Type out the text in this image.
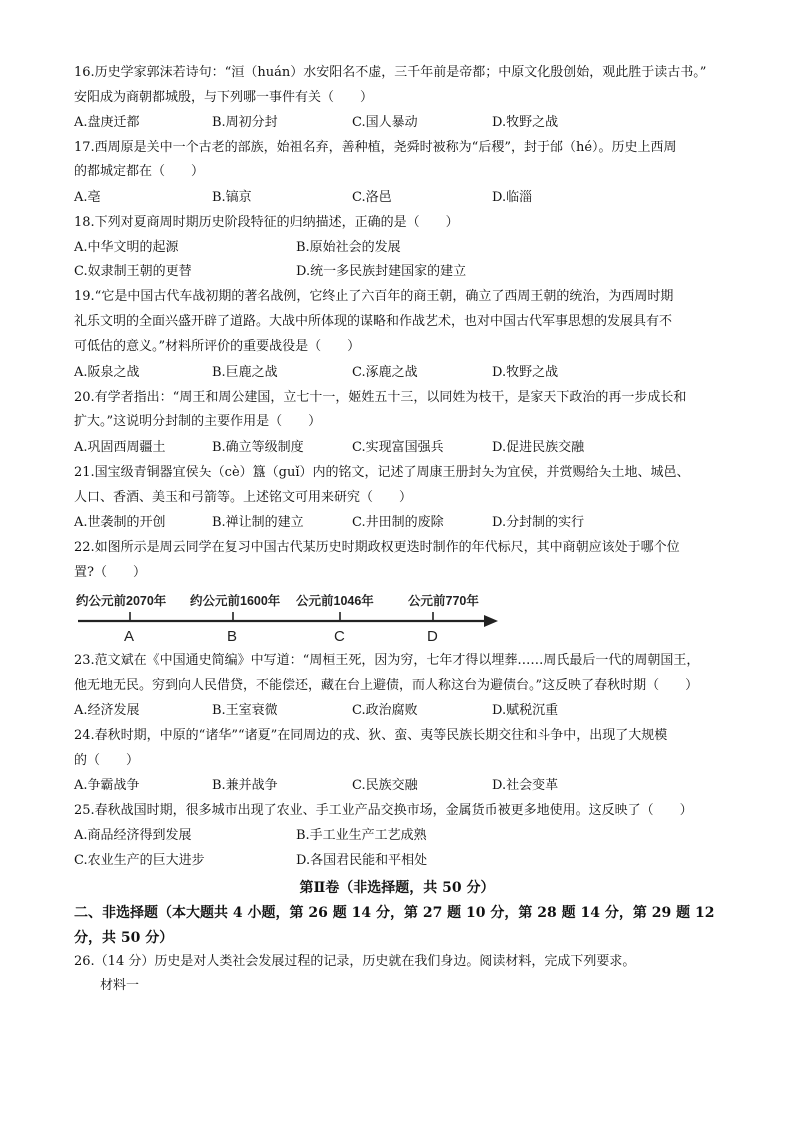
16.历史学家郭沫若诗句：“洹（huán）水安阳名不虚，三千年前是帝都；中原文化殷创始，观此胜于读古书。”
安阳成为商朝都城殷，与下列哪一事件有关（　　）
A.盘庚迁都	B.周初分封	C.国人暴动	D.牧野之战
17.西周原是关中一个古老的部族，始祖名弃，善种植，尧舜时被称为“后稷”，封于邰（hé）。历史上西周
的都城定都在（　　）
A.亳	B.镐京	C.洛邑	D.临淄
18.下列对夏商周时期历史阶段特征的归纳描述，正确的是（　　）
A.中华文明的起源	B.原始社会的发展
C.奴隶制王朝的更替	D.统一多民族封建国家的建立
19.“它是中国古代车战初期的著名战例，它终止了六百年的商王朝，确立了西周王朝的统治，为西周时期
礼乐文明的全面兴盛开辟了道路。大战中所体现的谋略和作战艺术，也对中国古代军事思想的发展具有不
可低估的意义。”材料所评价的重要战役是（　　）
A.阪泉之战	B.巨鹿之战	C.涿鹿之战	D.牧野之战
20.有学者指出：“周王和周公建国，立七十一，姬姓五十三，以同姓为枝干，是家天下政治的再一步成长和
扩大。”这说明分封制的主要作用是（　　）
A.巩固西周疆土	B.确立等级制度	C.实现富国强兵	D.促进民族交融
21.国宝级青铜器宜侯夨（cè）簋（guǐ）内的铭文，记述了周康王册封夨为宜侯，并赏赐给夨土地、城邑、
人口、香酒、美玉和弓箭等。上述铭文可用来研究（　　）
A.世袭制的开创	B.禅让制的建立	C.井田制的废除	D.分封制的实行
22.如图所示是周云同学在复习中国古代某历史时期政权更迭时制作的年代标尺，其中商朝应该处于哪个位
置?（　　）
约公元前2070年 约公元前1600年 公元前1046年	公元前770年
A	B	C	D
23.范文斌在《中国通史简编》中写道：“周桓王死，因为穷，七年才得以埋葬……周氏最后一代的周朝国王，
他无地无民。穷到向人民借贷，不能偿还，藏在台上避债，而人称这台为避债台。”这反映了春秋时期（　　）
A.经济发展	B.王室衰微	C.政治腐败	D.赋税沉重
24.春秋时期，中原的“诸华”“诸夏”在同周边的戎、狄、蛮、夷等民族长期交往和斗争中，出现了大规模
的（　　）
A.争霸战争	B.兼并战争	C.民族交融	D.社会变革
25.春秋战国时期，很多城市出现了农业、手工业产品交换市场，金属货币被更多地使用。这反映了（　　）
A.商品经济得到发展	B.手工业生产工艺成熟
C.农业生产的巨大进步	D.各国君民能和平相处
第Ⅱ卷（非选择题，共 50 分）
二、非选择题（本大题共 4 小题，第 26 题 14 分，第 27 题 10 分，第 28 题 14 分，第 29 题 12
分，共 50 分）
26.（14 分）历史是对人类社会发展过程的记录，历史就在我们身边。阅读材料，完成下列要求。
材料一
